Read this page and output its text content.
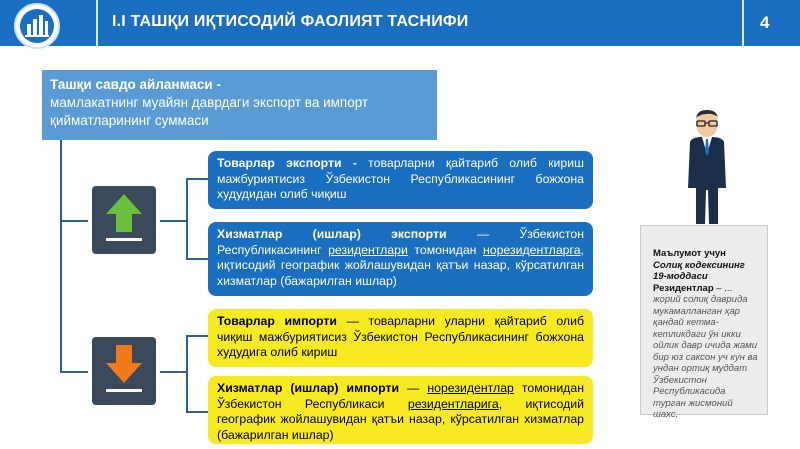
I.I ТАШҚИ ИҚТИСОДИЙ ФАОЛИЯТ ТАСНИФИ	4
Ташқи савдо айланмаси -
мамлакатнинг муайян даврдаги экспорт ва импорт қийматларининг суммаси
Товарлар экспорти - товарларни қайтариб олиб кириш мажбуриятисиз Ўзбекистон Республикасининг божхона худудидан олиб чиқиш
Хизматлар (ишлар) экспорти — Ўзбекистон Республикасининг резидентлари томонидан норезидентларга, иқтисодий географик жойлашувидан қатъи назар, кўрсатилган хизматлар (бажарилган ишлар)
Товарлар импорти — товарларни уларни қайтариб олиб чиқиш мажбуриятисиз Ўзбекистон Республикасининг божхона худудига олиб кириш
Хизматлар (ишлар) импорти — норезидентлар томонидан Ўзбекистон Республикаси резидентларига, иқтисодий географик жойлашувидан қатъи назар, кўрсатилган хизматлар (бажарилган ишлар)
Маълумот учун
Солиқ кодексининг 19-моддаси
Резидентлар – ... жорий солиқ даврида мукамалланган ҳар қандай кетма-кетликдаги ўн икки ойлик давр ичида жами бир юз саксон уч кун ва ундан ортиқ муддат Ўзбекистон Республикасида турган жисмоний шахс.
